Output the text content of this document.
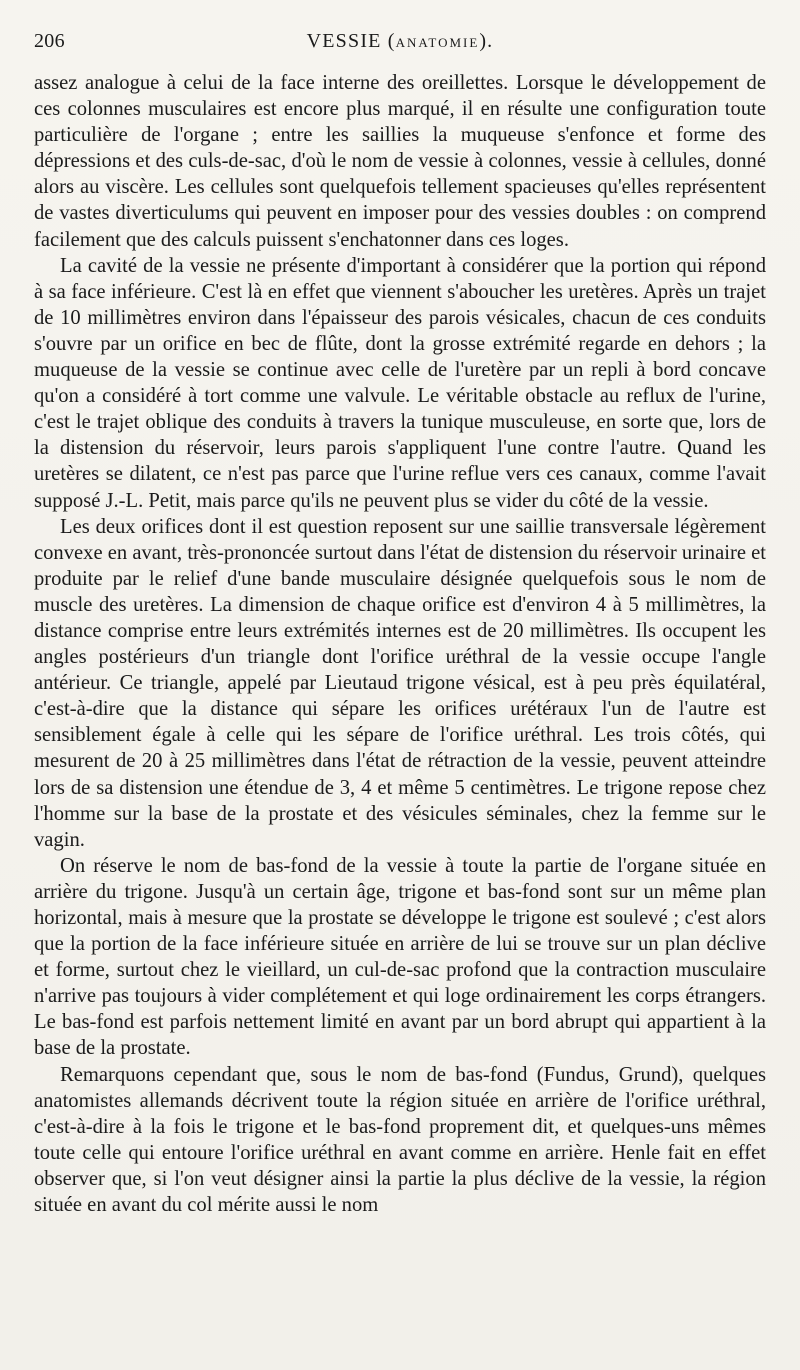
206	VESSIE (ANATOMIE).

assez analogue à celui de la face interne des oreillettes. Lorsque le développement de ces colonnes musculaires est encore plus marqué, il en résulte une configuration toute particulière de l'organe ; entre les saillies la muqueuse s'enfonce et forme des dépressions et des culs-de-sac, d'où le nom de vessie à colonnes, vessie à cellules, donné alors au viscère. Les cellules sont quelquefois tellement spacieuses qu'elles représentent de vastes diverticulums qui peuvent en imposer pour des vessies doubles : on comprend facilement que des calculs puissent s'enchatonner dans ces loges.

La cavité de la vessie ne présente d'important à considérer que la portion qui répond à sa face inférieure. C'est là en effet que viennent s'aboucher les uretères. Après un trajet de 10 millimètres environ dans l'épaisseur des parois vésicales, chacun de ces conduits s'ouvre par un orifice en bec de flûte, dont la grosse extrémité regarde en dehors ; la muqueuse de la vessie se continue avec celle de l'uretère par un repli à bord concave qu'on a considéré à tort comme une valvule. Le véritable obstacle au reflux de l'urine, c'est le trajet oblique des conduits à travers la tunique musculeuse, en sorte que, lors de la distension du réservoir, leurs parois s'appliquent l'une contre l'autre. Quand les uretères se dilatent, ce n'est pas parce que l'urine reflue vers ces canaux, comme l'avait supposé J.-L. Petit, mais parce qu'ils ne peuvent plus se vider du côté de la vessie.

Les deux orifices dont il est question reposent sur une saillie transversale légèrement convexe en avant, très-prononcée surtout dans l'état de distension du réservoir urinaire et produite par le relief d'une bande musculaire désignée quelquefois sous le nom de muscle des uretères. La dimension de chaque orifice est d'environ 4 à 5 millimètres, la distance comprise entre leurs extrémités internes est de 20 millimètres. Ils occupent les angles postérieurs d'un triangle dont l'orifice uréthral de la vessie occupe l'angle antérieur. Ce triangle, appelé par Lieutaud trigone vésical, est à peu près équilatéral, c'est-à-dire que la distance qui sépare les orifices urétéraux l'un de l'autre est sensiblement égale à celle qui les sépare de l'orifice uréthral. Les trois côtés, qui mesurent de 20 à 25 millimètres dans l'état de rétraction de la vessie, peuvent atteindre lors de sa distension une étendue de 3, 4 et même 5 centimètres. Le trigone repose chez l'homme sur la base de la prostate et des vésicules séminales, chez la femme sur le vagin.

On réserve le nom de bas-fond de la vessie à toute la partie de l'organe située en arrière du trigone. Jusqu'à un certain âge, trigone et bas-fond sont sur un même plan horizontal, mais à mesure que la prostate se développe le trigone est soulevé ; c'est alors que la portion de la face inférieure située en arrière de lui se trouve sur un plan déclive et forme, surtout chez le vieillard, un cul-de-sac profond que la contraction musculaire n'arrive pas toujours à vider complétement et qui loge ordinairement les corps étrangers. Le bas-fond est parfois nettement limité en avant par un bord abrupt qui appartient à la base de la prostate.

Remarquons cependant que, sous le nom de bas-fond (Fundus, Grund), quelques anatomistes allemands décrivent toute la région située en arrière de l'orifice uréthral, c'est-à-dire à la fois le trigone et le bas-fond proprement dit, et quelques-uns mêmes toute celle qui entoure l'orifice uréthral en avant comme en arrière. Henle fait en effet observer que, si l'on veut désigner ainsi la partie la plus déclive de la vessie, la région située en avant du col mérite aussi le nom
